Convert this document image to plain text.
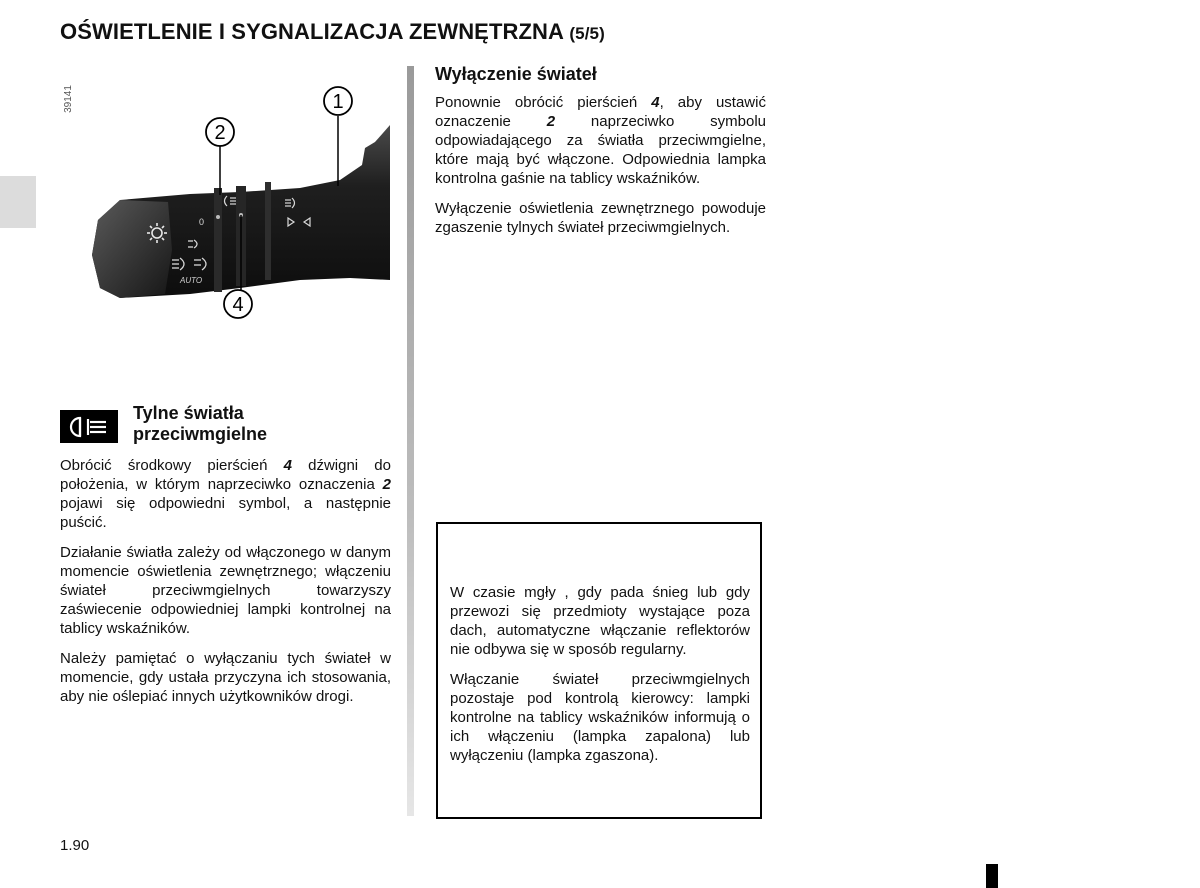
OŚWIETLENIE I SYGNALIZACJA ZEWNĘTRZNA (5/5)
39141
0
AUTO
1
2
4
Tylne światła
przeciwmgielne

Obrócić środkowy pierścień 4 dźwigni do położenia, w którym naprzeciwko oznaczenia 2 pojawi się odpowiedni symbol, a następnie puścić.

Działanie światła zależy od włączonego w danym momencie oświetlenia zewnętrznego; włączeniu świateł przeciwmgielnych towarzyszy zaświecenie odpowiedniej lampki kontrolnej na tablicy wskaźników.

Należy pamiętać o wyłączaniu tych świateł w momencie, gdy ustała przyczyna ich stosowania, aby nie oślepiać innych użytkowników drogi.

Wyłączenie świateł

Ponownie obrócić pierścień 4, aby ustawić oznaczenie 2 naprzeciwko symbolu odpowiadającego za światła przeciwmgielne, które mają być włączone. Odpowiednia lampka kontrolna gaśnie na tablicy wskaźników.

Wyłączenie oświetlenia zewnętrznego powoduje zgaszenie tylnych świateł przeciwmgielnych.

W czasie mgły , gdy pada śnieg lub gdy przewozi się przedmioty wystające poza dach, automatyczne włączanie reflektorów nie odbywa się w sposób regularny.

Włączanie świateł przeciwmgielnych pozostaje pod kontrolą kierowcy: lampki kontrolne na tablicy wskaźników informują o ich włączeniu (lampka zapalona) lub wyłączeniu (lampka zgaszona).

1.90
